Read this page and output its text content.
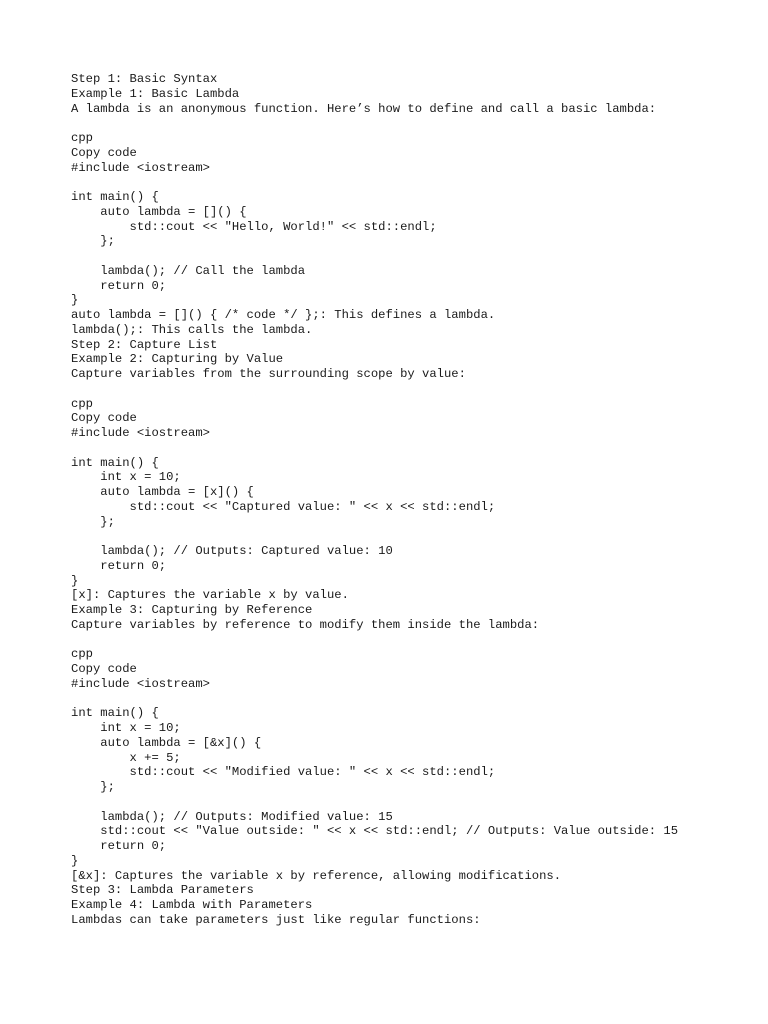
Step 1: Basic Syntax
Example 1: Basic Lambda
A lambda is an anonymous function. Here’s how to define and call a basic lambda:
cpp
Copy code
#include <iostream>
int main() {
auto lambda = []() {
std::cout << "Hello, World!" << std::endl;
};
lambda(); // Call the lambda
return 0;
}
auto lambda = []() { /* code */ };: This defines a lambda.
lambda();: This calls the lambda.
Step 2: Capture List
Example 2: Capturing by Value
Capture variables from the surrounding scope by value:
cpp
Copy code
#include <iostream>
int main() {
int x = 10;
auto lambda = [x]() {
std::cout << "Captured value: " << x << std::endl;
};
lambda(); // Outputs: Captured value: 10
return 0;
}
[x]: Captures the variable x by value.
Example 3: Capturing by Reference
Capture variables by reference to modify them inside the lambda:
cpp
Copy code
#include <iostream>
int main() {
int x = 10;
auto lambda = [&x]() {
x += 5;
std::cout << "Modified value: " << x << std::endl;
};
lambda(); // Outputs: Modified value: 15
std::cout << "Value outside: " << x << std::endl; // Outputs: Value outside: 15
return 0;
}
[&x]: Captures the variable x by reference, allowing modifications.
Step 3: Lambda Parameters
Example 4: Lambda with Parameters
Lambdas can take parameters just like regular functions:
